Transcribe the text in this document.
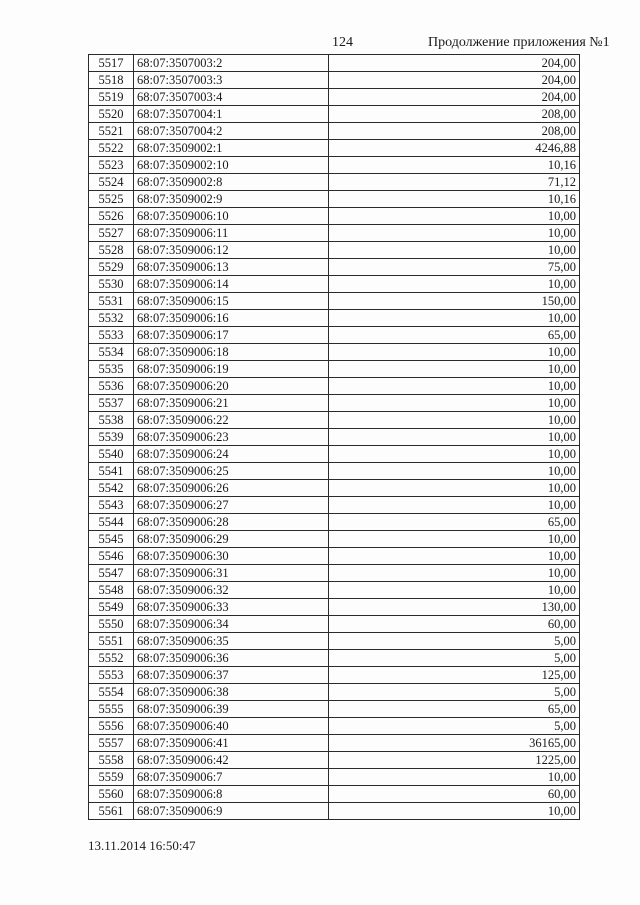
124	Продолжение приложения №1
5517	68:07:3507003:2	204,00
5518	68:07:3507003:3	204,00
5519	68:07:3507003:4	204,00
5520	68:07:3507004:1	208,00
5521	68:07:3507004:2	208,00
5522	68:07:3509002:1	4246,88
5523	68:07:3509002:10	10,16
5524	68:07:3509002:8	71,12
5525	68:07:3509002:9	10,16
5526	68:07:3509006:10	10,00
5527	68:07:3509006:11	10,00
5528	68:07:3509006:12	10,00
5529	68:07:3509006:13	75,00
5530	68:07:3509006:14	10,00
5531	68:07:3509006:15	150,00
5532	68:07:3509006:16	10,00
5533	68:07:3509006:17	65,00
5534	68:07:3509006:18	10,00
5535	68:07:3509006:19	10,00
5536	68:07:3509006:20	10,00
5537	68:07:3509006:21	10,00
5538	68:07:3509006:22	10,00
5539	68:07:3509006:23	10,00
5540	68:07:3509006:24	10,00
5541	68:07:3509006:25	10,00
5542	68:07:3509006:26	10,00
5543	68:07:3509006:27	10,00
5544	68:07:3509006:28	65,00
5545	68:07:3509006:29	10,00
5546	68:07:3509006:30	10,00
5547	68:07:3509006:31	10,00
5548	68:07:3509006:32	10,00
5549	68:07:3509006:33	130,00
5550	68:07:3509006:34	60,00
5551	68:07:3509006:35	5,00
5552	68:07:3509006:36	5,00
5553	68:07:3509006:37	125,00
5554	68:07:3509006:38	5,00
5555	68:07:3509006:39	65,00
5556	68:07:3509006:40	5,00
5557	68:07:3509006:41	36165,00
5558	68:07:3509006:42	1225,00
5559	68:07:3509006:7	10,00
5560	68:07:3509006:8	60,00
5561	68:07:3509006:9	10,00
13.11.2014 16:50:47
